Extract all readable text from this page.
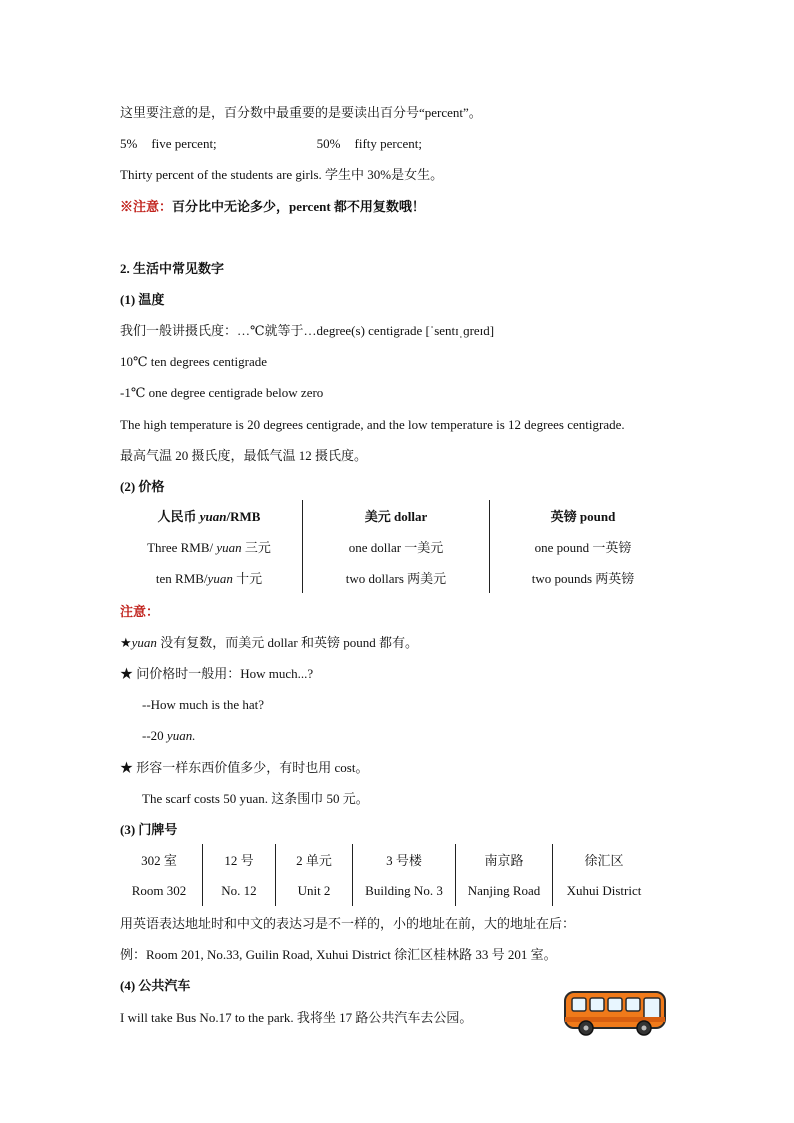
这里要注意的是，百分数中最重要的是要读出百分号“percent”。
5% five percent;	50% fifty percent;
Thirty percent of the students are girls. 学生中 30%是女生。
※注意：百分比中无论多少，percent 都不用复数哦！
2. 生活中常见数字
(1) 温度
我们一般讲摄氏度：…℃就等于…degree(s) centigrade [ˈsentɪˌɡreɪd]
10℃ ten degrees centigrade
-1℃ one degree centigrade below zero
The high temperature is 20 degrees centigrade, and the low temperature is 12 degrees centigrade.
最高气温 20 摄氏度，最低气温 12 摄氏度。
(2) 价格
人民币 yuan/RMB	美元 dollar	英镑 pound
Three RMB/ yuan 三元	one dollar 一美元	one pound 一英镑
ten RMB/yuan 十元	two dollars 两美元	two pounds 两英镑
注意：
★yuan 没有复数，而美元 dollar 和英镑 pound 都有。
★ 问价格时一般用：How much...?
--How much is the hat?
--20 yuan.
★ 形容一样东西价值多少，有时也用 cost。
The scarf costs 50 yuan. 这条围巾 50 元。
(3) 门牌号
302 室	12 号	2 单元	3 号楼	南京路	徐汇区
Room 302	No. 12	Unit 2	Building No. 3	Nanjing Road	Xuhui District
用英语表达地址时和中文的表达习是不一样的，小的地址在前，大的地址在后：
例：Room 201, No.33, Guilin Road, Xuhui District 徐汇区桂林路 33 号 201 室。
(4) 公共汽车
I will take Bus No.17 to the park. 我将坐 17 路公共汽车去公园。
